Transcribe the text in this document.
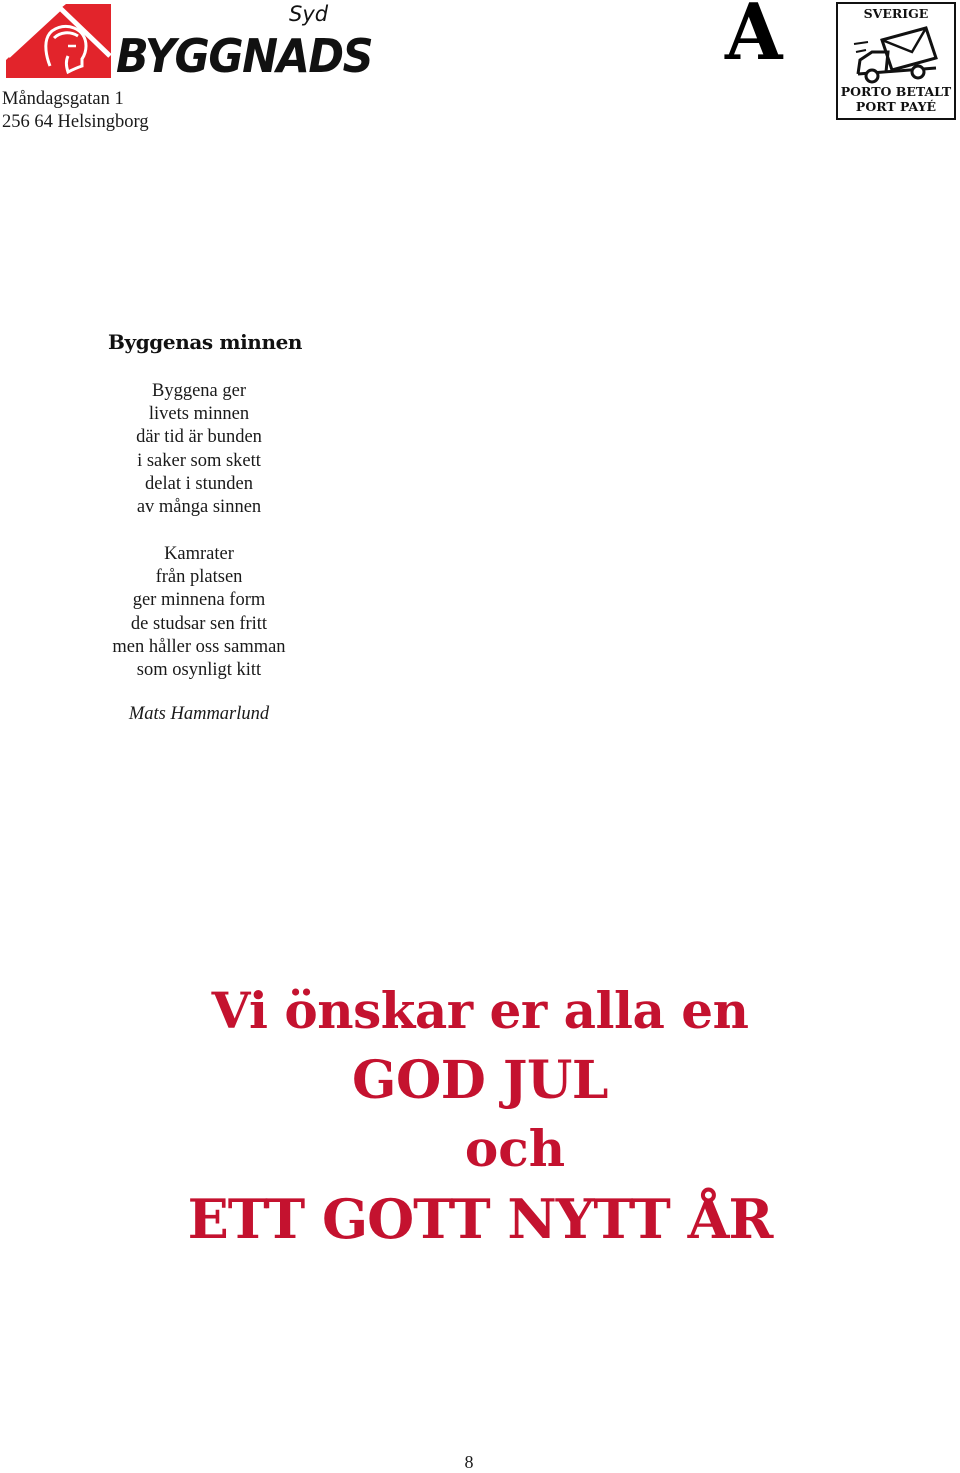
Syd
BYGGNADS
Måndagsgatan 1
256 64 Helsingborg
A	SVERIGE
PORTO BETALT
PORT PAYÉ
Byggenas minnen
Byggena ger
livets minnen
där tid är bunden
i saker som skett
delat i stunden
av många sinnen
Kamrater
från platsen
ger minnena form
de studsar sen fritt
men håller oss samman
som osynligt kitt
Mats Hammarlund
Vi önskar er alla en
GOD JUL
och
ETT GOTT NYTT ÅR
8
